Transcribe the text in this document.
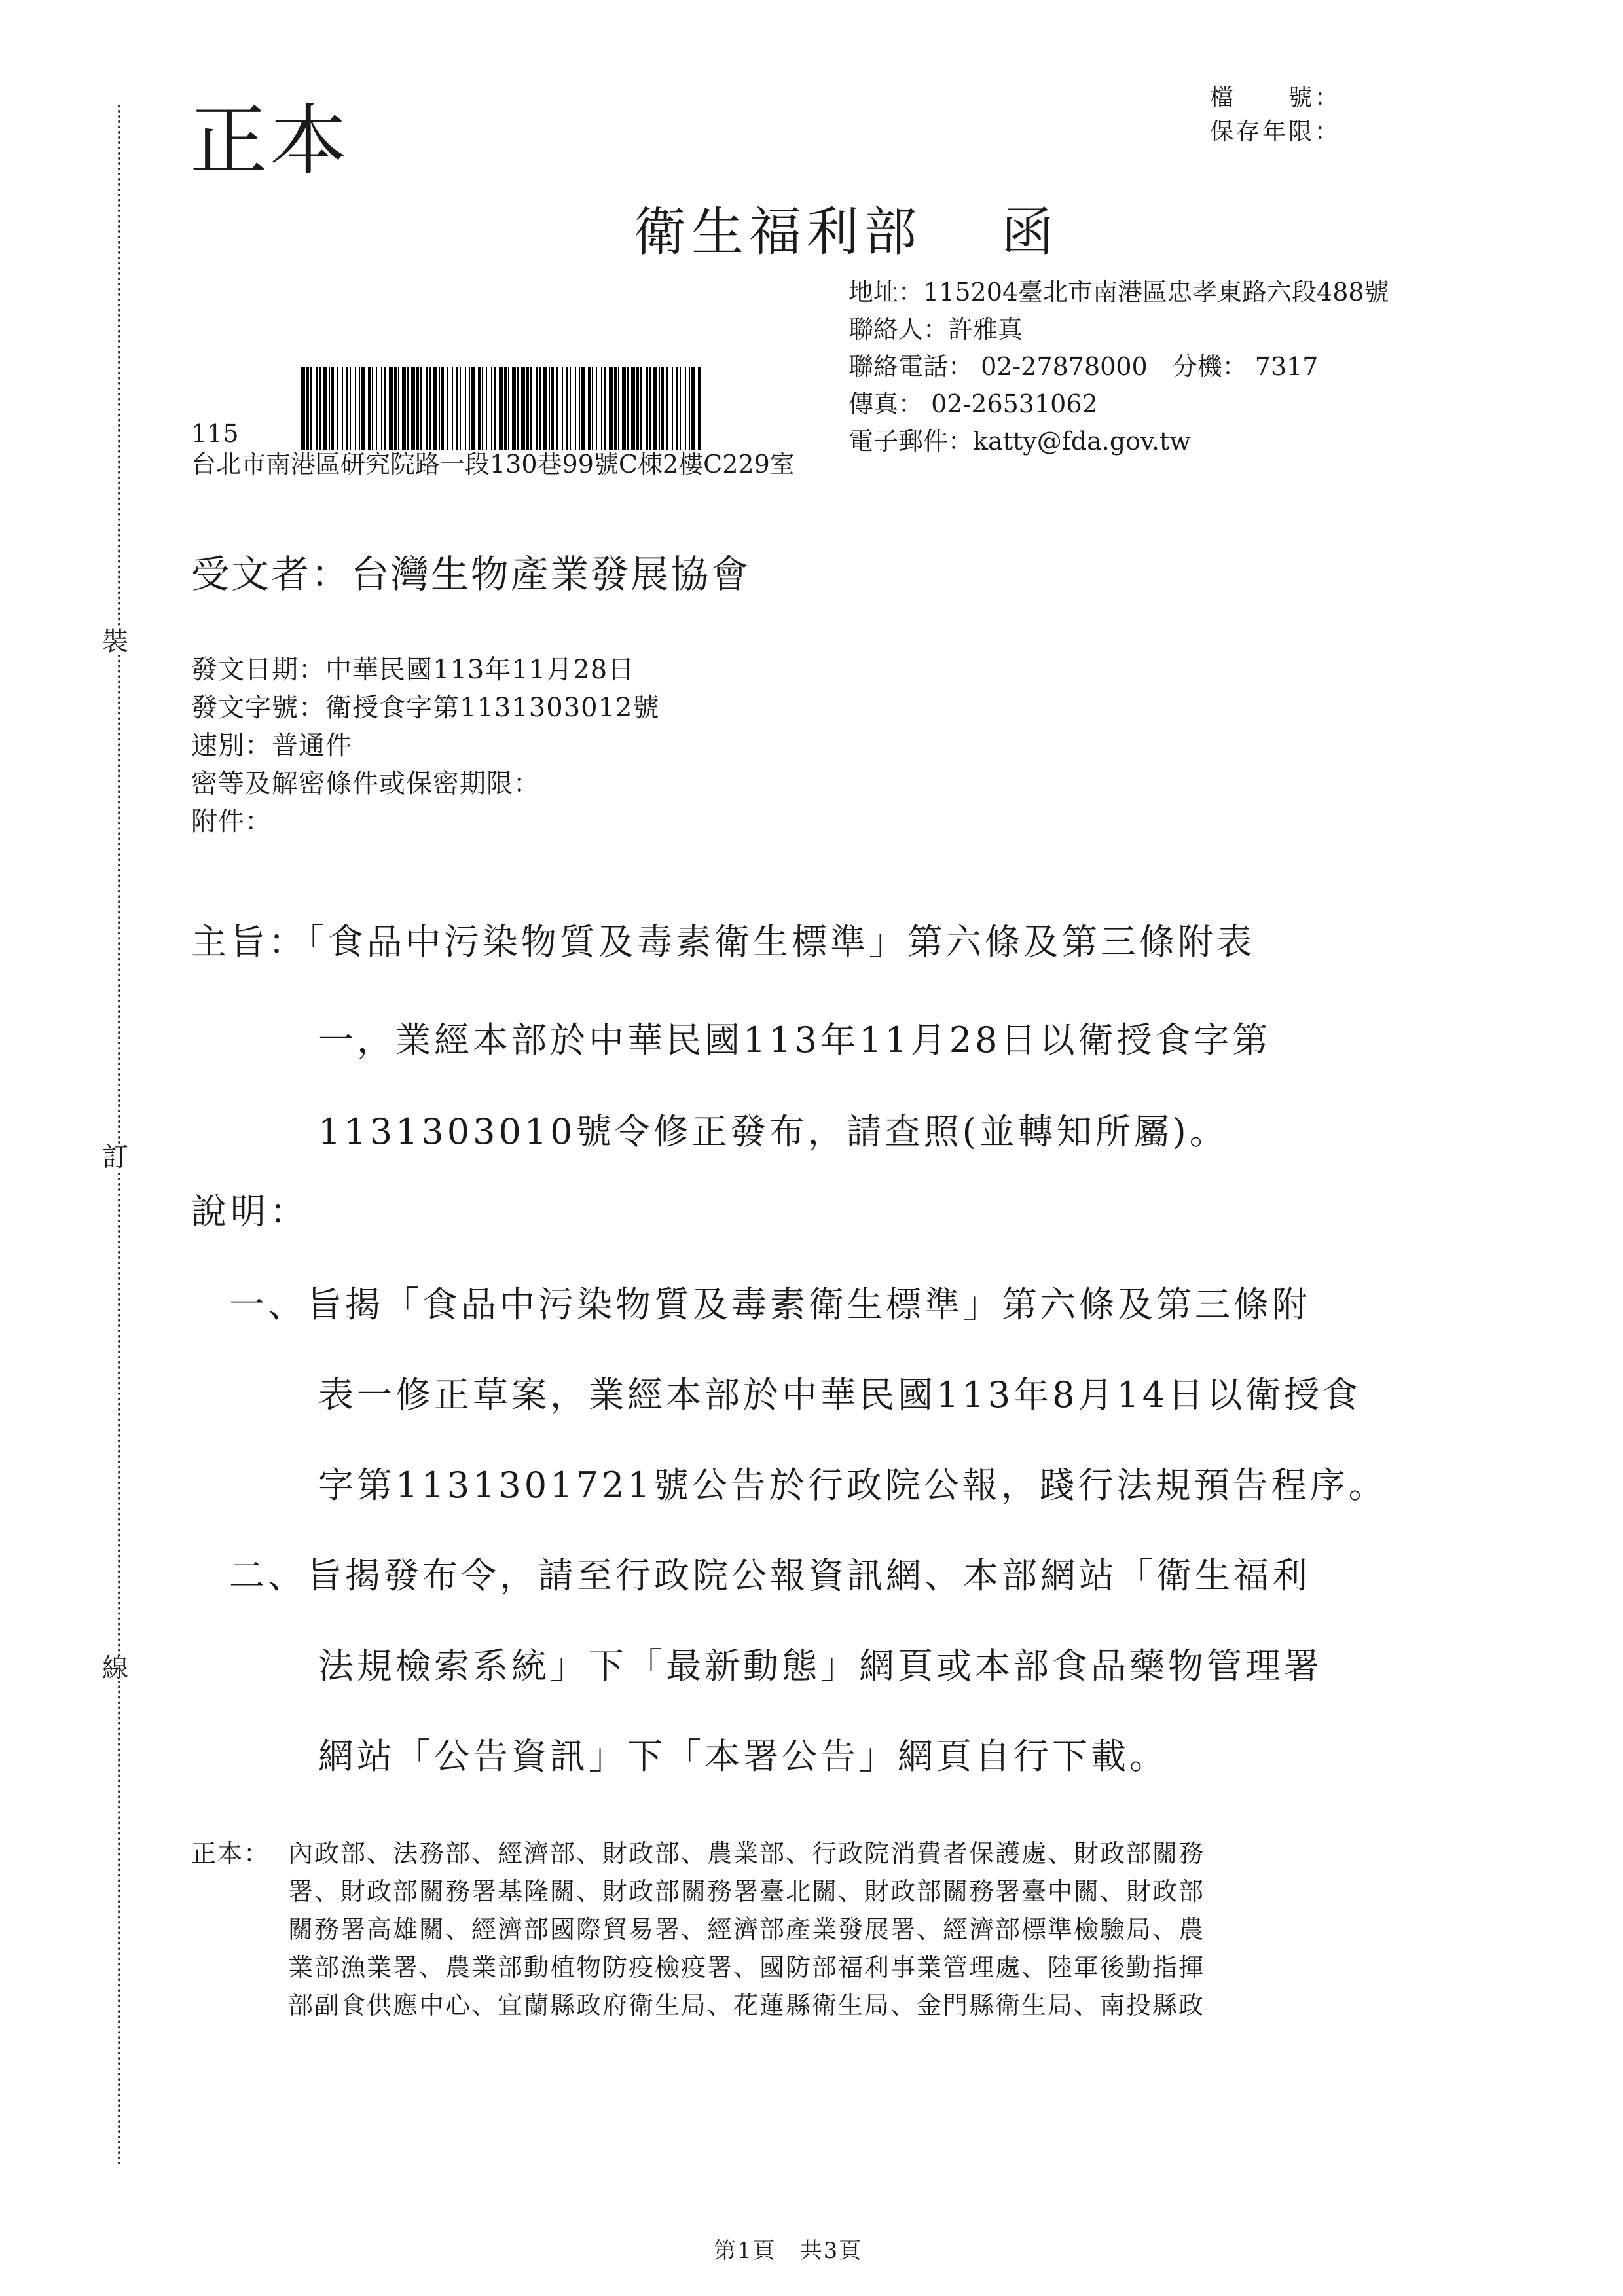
裝
訂
線
正本	檔　　號：
保存年限：
衛生福利部　 函
地址：115204臺北市南港區忠孝東路六段488號
聯絡人：許雅真
聯絡電話： 02-27878000　分機： 7317
傳真： 02-26531062
電子郵件：katty@fda.gov.tw
115
台北市南港區研究院路一段130巷99號C棟2樓C229室
受文者：台灣生物產業發展協會
發文日期：中華民國113年11月28日
發文字號：衛授食字第1131303012號
速別：普通件
密等及解密條件或保密期限：
附件：
主旨：「食品中污染物質及毒素衛生標準」第六條及第三條附表
一，業經本部於中華民國113年11月28日以衛授食字第
1131303010號令修正發布，請查照(並轉知所屬)。
說明：
一、旨揭「食品中污染物質及毒素衛生標準」第六條及第三條附
表一修正草案，業經本部於中華民國113年8月14日以衛授食
字第1131301721號公告於行政院公報，踐行法規預告程序。
二、旨揭發布令，請至行政院公報資訊網、本部網站「衛生福利
法規檢索系統」下「最新動態」網頁或本部食品藥物管理署
網站「公告資訊」下「本署公告」網頁自行下載。
正本： 內政部、法務部、經濟部、財政部、農業部、行政院消費者保護處、財政部關務
署、財政部關務署基隆關、財政部關務署臺北關、財政部關務署臺中關、財政部
關務署高雄關、經濟部國際貿易署、經濟部產業發展署、經濟部標準檢驗局、農
業部漁業署、農業部動植物防疫檢疫署、國防部福利事業管理處、陸軍後勤指揮
部副食供應中心、宜蘭縣政府衛生局、花蓮縣衛生局、金門縣衛生局、南投縣政
第1頁　共3頁
